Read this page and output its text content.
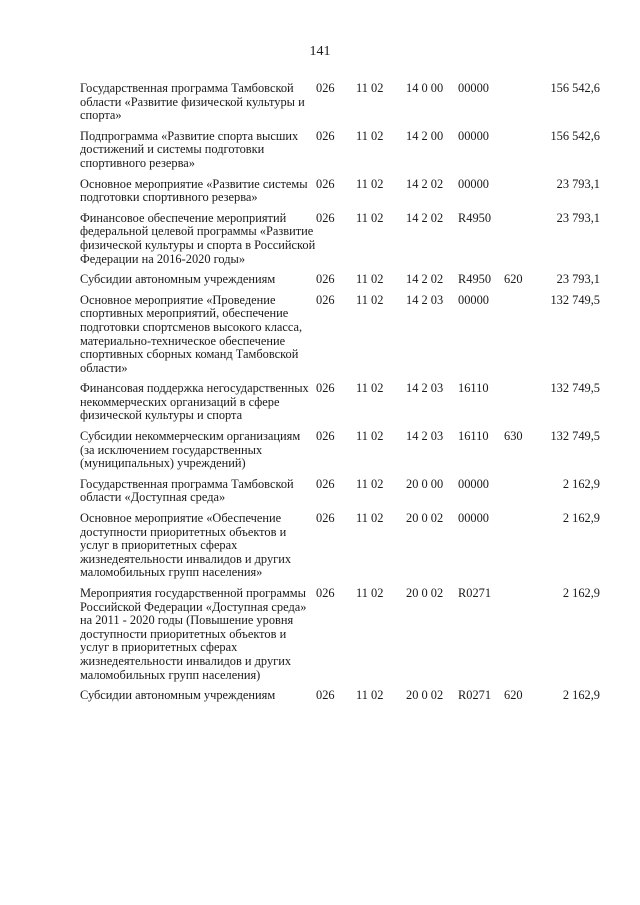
141
Государственная программа Тамбовской области «Развитие физической культуры и спорта»	026	11 02	14 0 00	00000		156 542,6
Подпрограмма «Развитие спорта высших достижений и системы подготовки спортивного резерва»	026	11 02	14 2 00	00000		156 542,6
Основное мероприятие «Развитие системы подготовки спортивного резерва»	026	11 02	14 2 02	00000		23 793,1
Финансовое обеспечение мероприятий федеральной целевой программы «Развитие физической культуры и спорта в Российской Федерации на 2016-2020 годы»	026	11 02	14 2 02	R4950		23 793,1
Субсидии автономным учреждениям	026	11 02	14 2 02	R4950	620	23 793,1
Основное мероприятие «Проведение спортивных мероприятий, обеспечение подготовки спортсменов высокого класса, материально-техническое обеспечение спортивных сборных команд Тамбовской области»	026	11 02	14 2 03	00000		132 749,5
Финансовая поддержка негосударственных некоммерческих организаций в сфере физической культуры и спорта	026	11 02	14 2 03	16110		132 749,5
Субсидии некоммерческим организациям (за исключением государственных (муниципальных) учреждений)	026	11 02	14 2 03	16110	630	132 749,5
Государственная программа Тамбовской области «Доступная среда»	026	11 02	20 0 00	00000		2 162,9
Основное мероприятие «Обеспечение доступности приоритетных объектов и услуг в приоритетных сферах жизнедеятельности инвалидов и других маломобильных групп населения»	026	11 02	20 0 02	00000		2 162,9
Мероприятия государственной программы Российской Федерации «Доступная среда» на 2011 - 2020 годы (Повышение уровня доступности приоритетных объектов и услуг в приоритетных сферах жизнедеятельности инвалидов и других маломобильных групп населения)	026	11 02	20 0 02	R0271		2 162,9
Субсидии автономным учреждениям	026	11 02	20 0 02	R0271	620	2 162,9
